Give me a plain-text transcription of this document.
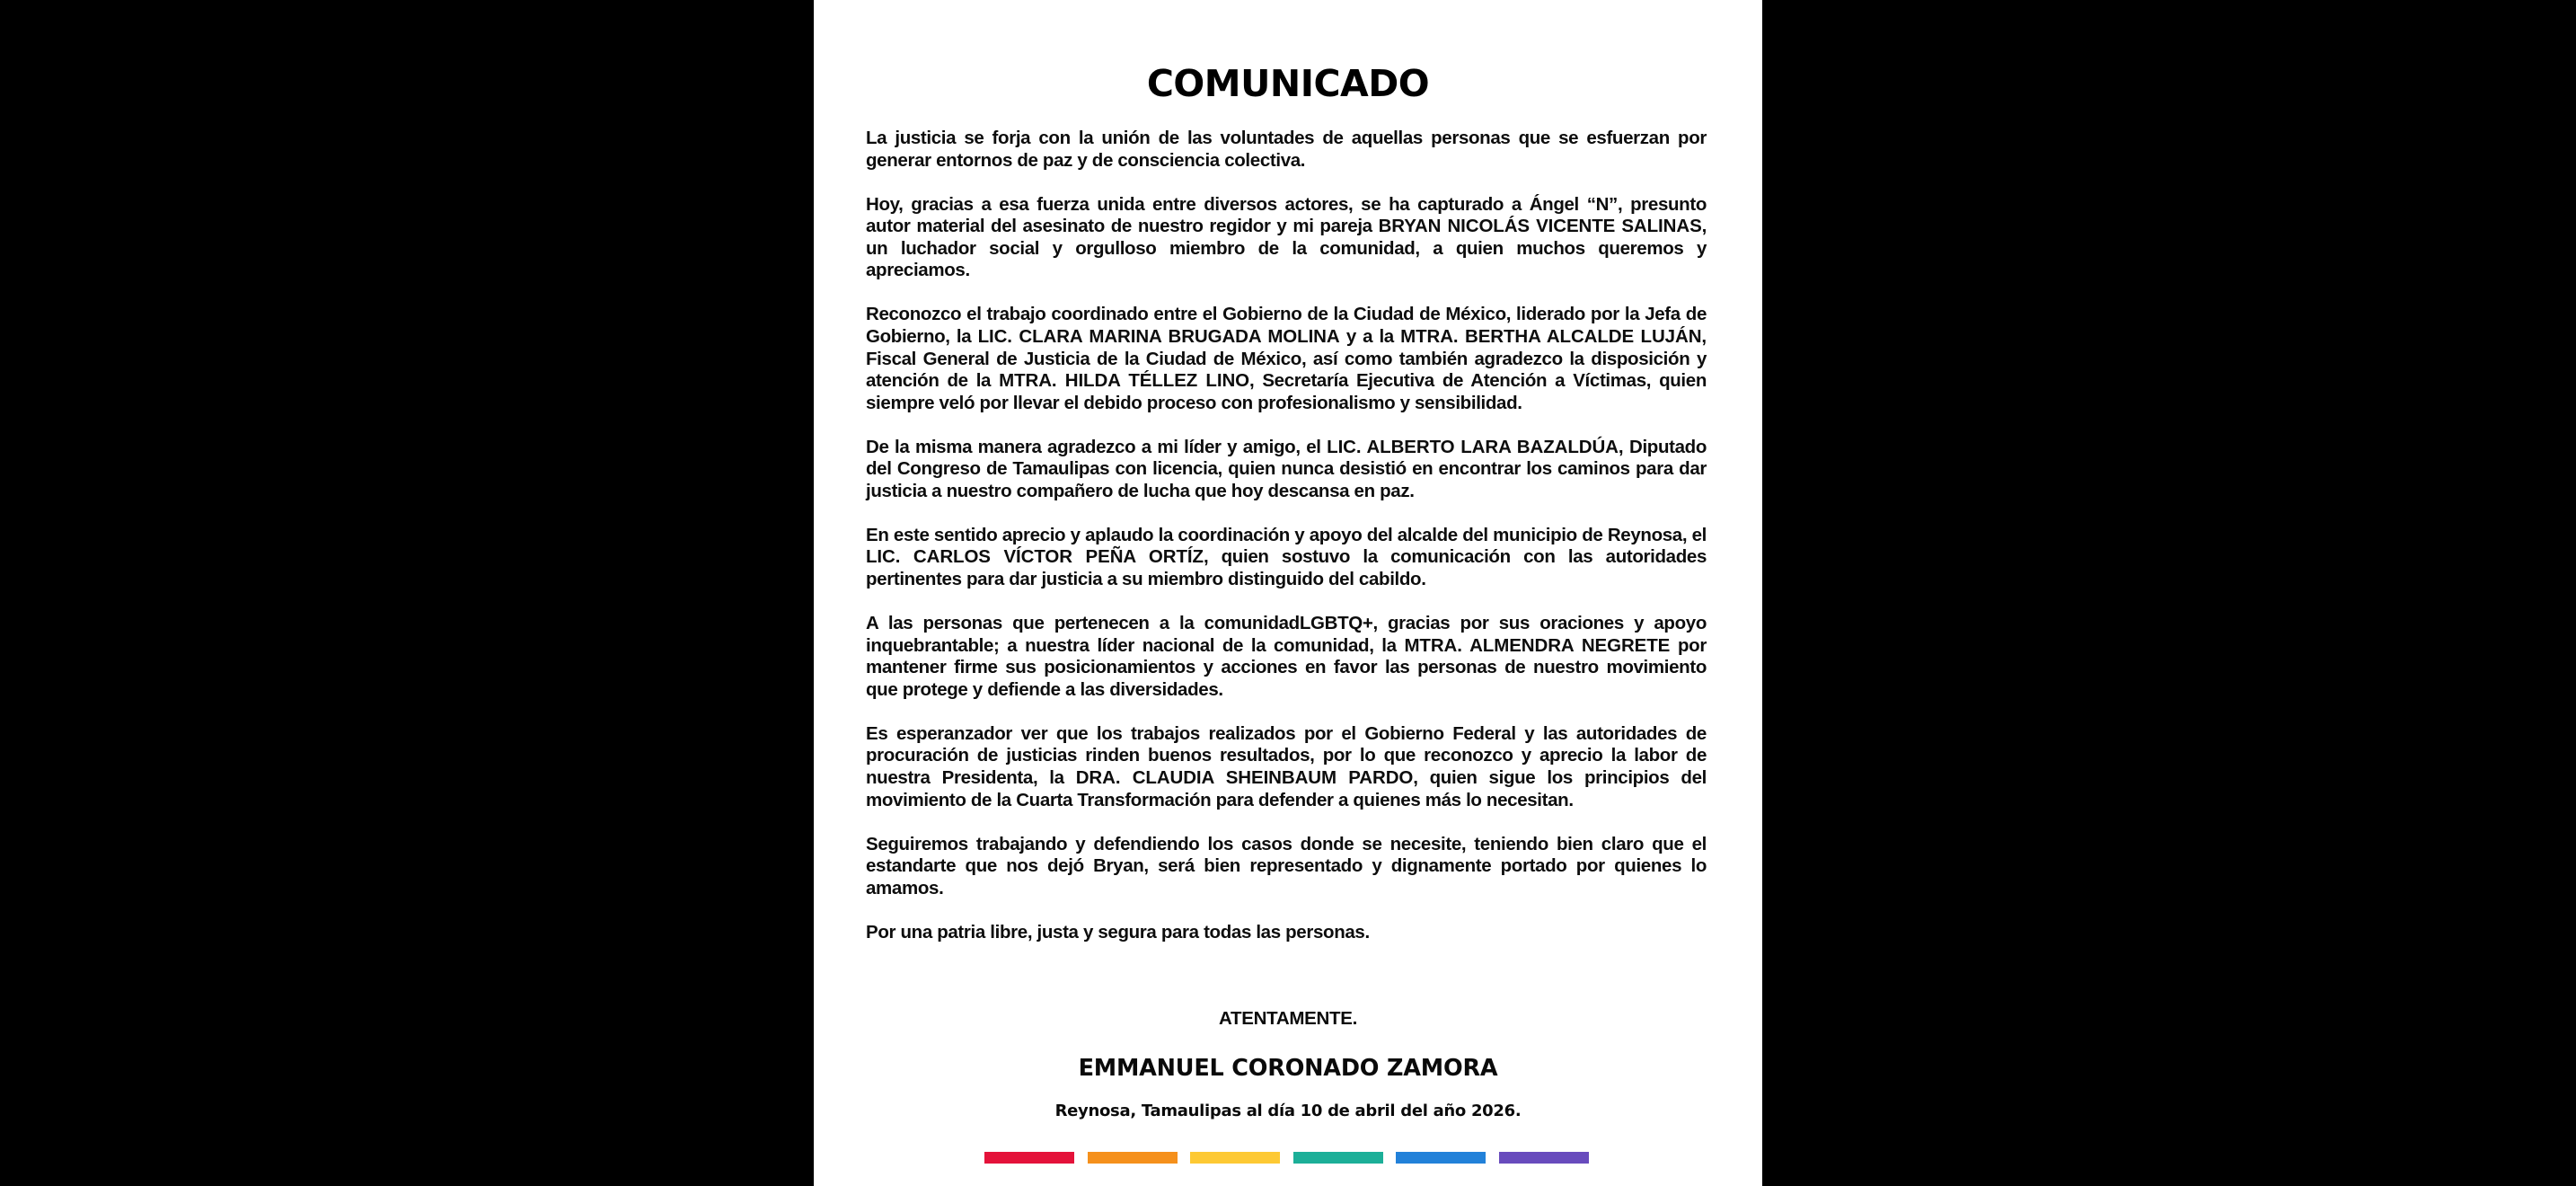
COMUNICADO

La justicia se forja con la unión de las voluntades de aquellas personas que se esfuerzan por generar entornos de paz y de consciencia colectiva.

Hoy, gracias a esa fuerza unida entre diversos actores, se ha capturado a Ángel “N”, presunto autor material del asesinato de nuestro regidor y mi pareja BRYAN NICOLÁS VICENTE SALINAS, un luchador social y orgulloso miembro de la comunidad, a quien muchos queremos y apreciamos.

Reconozco el trabajo coordinado entre el Gobierno de la Ciudad de México, liderado por la Jefa de Gobierno, la LIC. CLARA MARINA BRUGADA MOLINA y a la MTRA. BERTHA ALCALDE LUJÁN, Fiscal General de Justicia de la Ciudad de México, así como también agradezco la disposición y atención de la MTRA. HILDA TÉLLEZ LINO, Secretaría Ejecutiva de Atención a Víctimas, quien siempre veló por llevar el debido proceso con profesionalismo y sensibilidad.

De la misma manera agradezco a mi líder y amigo, el LIC. ALBERTO LARA BAZALDÚA, Diputado del Congreso de Tamaulipas con licencia, quien nunca desistió en encontrar los caminos para dar justicia a nuestro compañero de lucha que hoy descansa en paz.

En este sentido aprecio y aplaudo la coordinación y apoyo del alcalde del municipio de Reynosa, el LIC. CARLOS VÍCTOR PEÑA ORTÍZ, quien sostuvo la comunicación con las autoridades pertinentes para dar justicia a su miembro distinguido del cabildo.

A las personas que pertenecen a la comunidadLGBTQ+, gracias por sus oraciones y apoyo inquebrantable; a nuestra líder nacional de la comunidad, la MTRA. ALMENDRA NEGRETE por mantener firme sus posicionamientos y acciones en favor las personas de nuestro movimiento que protege y defiende a las diversidades.

Es esperanzador ver que los trabajos realizados por el Gobierno Federal y las autoridades de procuración de justicias rinden buenos resultados, por lo que reconozco y aprecio la labor de nuestra Presidenta, la DRA. CLAUDIA SHEINBAUM PARDO, quien sigue los principios del movimiento de la Cuarta Transformación para defender a quienes más lo necesitan.

Seguiremos trabajando y defendiendo los casos donde se necesite, teniendo bien claro que el estandarte que nos dejó Bryan, será bien representado y dignamente portado por quienes lo amamos.

Por una patria libre, justa y segura para todas las personas.

ATENTAMENTE.
EMMANUEL CORONADO ZAMORA
Reynosa, Tamaulipas al día 10 de abril del año 2026.
